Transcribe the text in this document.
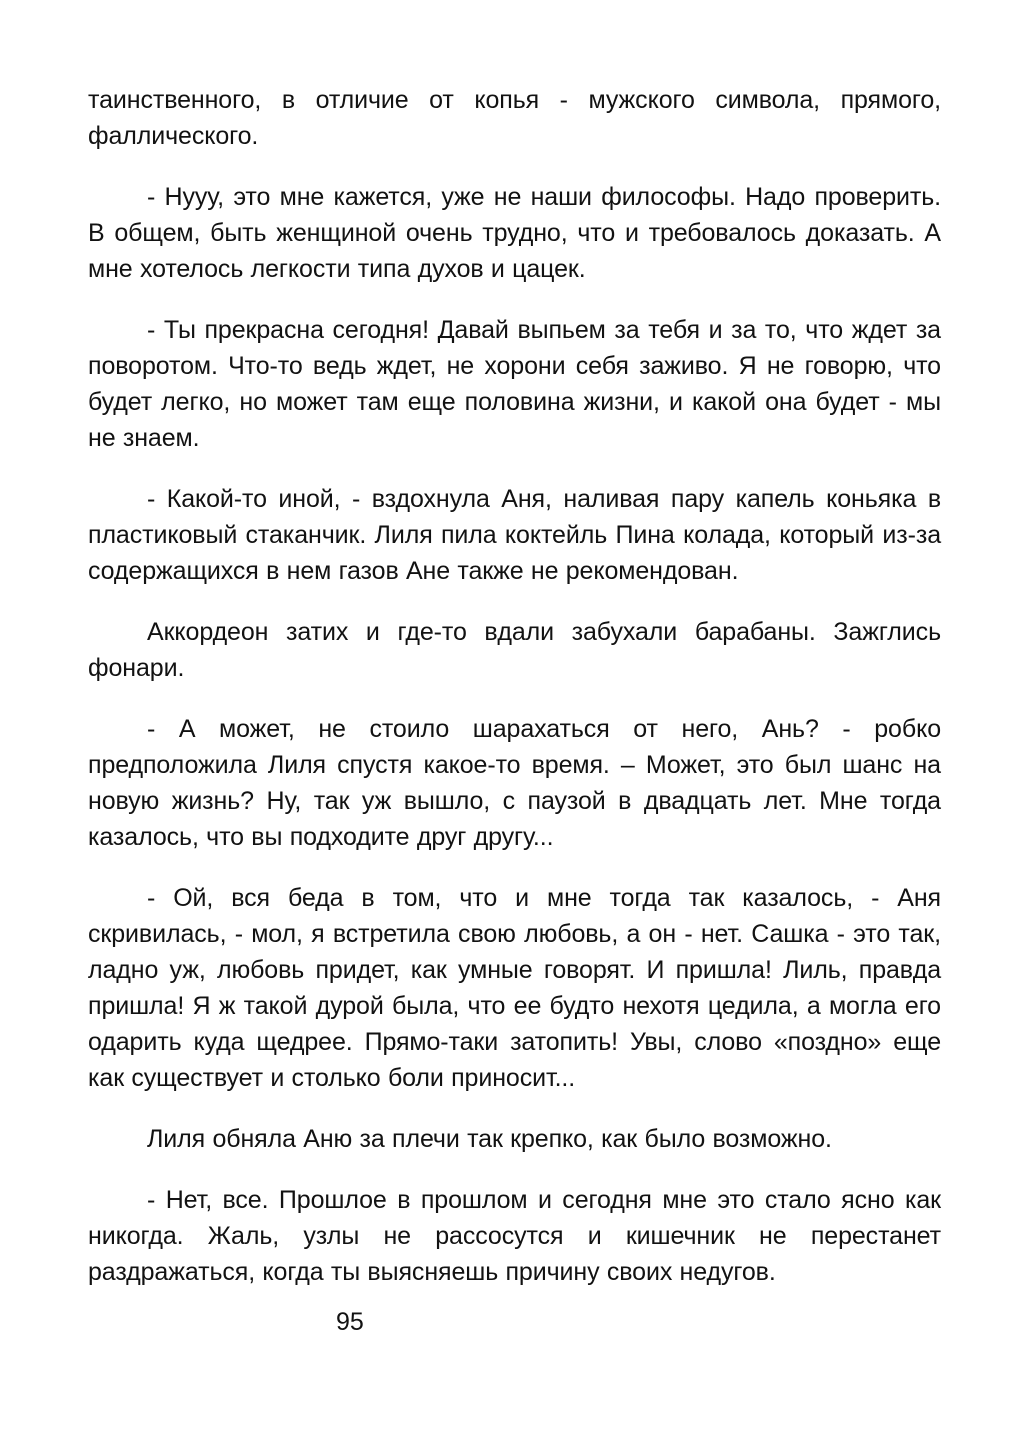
таинственного, в отличие от копья - мужского символа, прямого, фаллического.

- Нууу, это мне кажется, уже не наши философы. Надо проверить. В общем, быть женщиной очень трудно, что и требовалось доказать. А мне хотелось легкости типа духов и цацек.

- Ты прекрасна сегодня! Давай выпьем за тебя и за то, что ждет за поворотом. Что-то ведь ждет, не хорони себя заживо. Я не говорю, что будет легко, но может там еще половина жизни, и какой она будет - мы не знаем.

- Какой-то иной, - вздохнула Аня, наливая пару капель коньяка в пластиковый стаканчик. Лиля пила коктейль Пина колада, который из-за содержащихся в нем газов Ане также не рекомендован.

Аккордеон затих и где-то вдали забухали барабаны. Зажглись фонари.

- А может, не стоило шарахаться от него, Ань? - робко предположила Лиля спустя какое-то время. – Может, это был шанс на новую жизнь? Ну, так уж вышло, с паузой в двадцать лет. Мне тогда казалось, что вы подходите друг другу...

- Ой, вся беда в том, что и мне тогда так казалось, - Аня скривилась, - мол, я встретила свою любовь, а он - нет. Сашка - это так, ладно уж, любовь придет, как умные говорят. И пришла! Лиль, правда пришла! Я ж такой дурой была, что ее будто нехотя цедила, а могла его одарить куда щедрее. Прямо-таки затопить! Увы, слово «поздно» еще как существует и столько боли приносит...

Лиля обняла Аню за плечи так крепко, как было возможно.

- Нет, все. Прошлое в прошлом и сегодня мне это стало ясно как никогда. Жаль, узлы не рассосутся и кишечник не перестанет раздражаться, когда ты выясняешь причину своих недугов.

95
